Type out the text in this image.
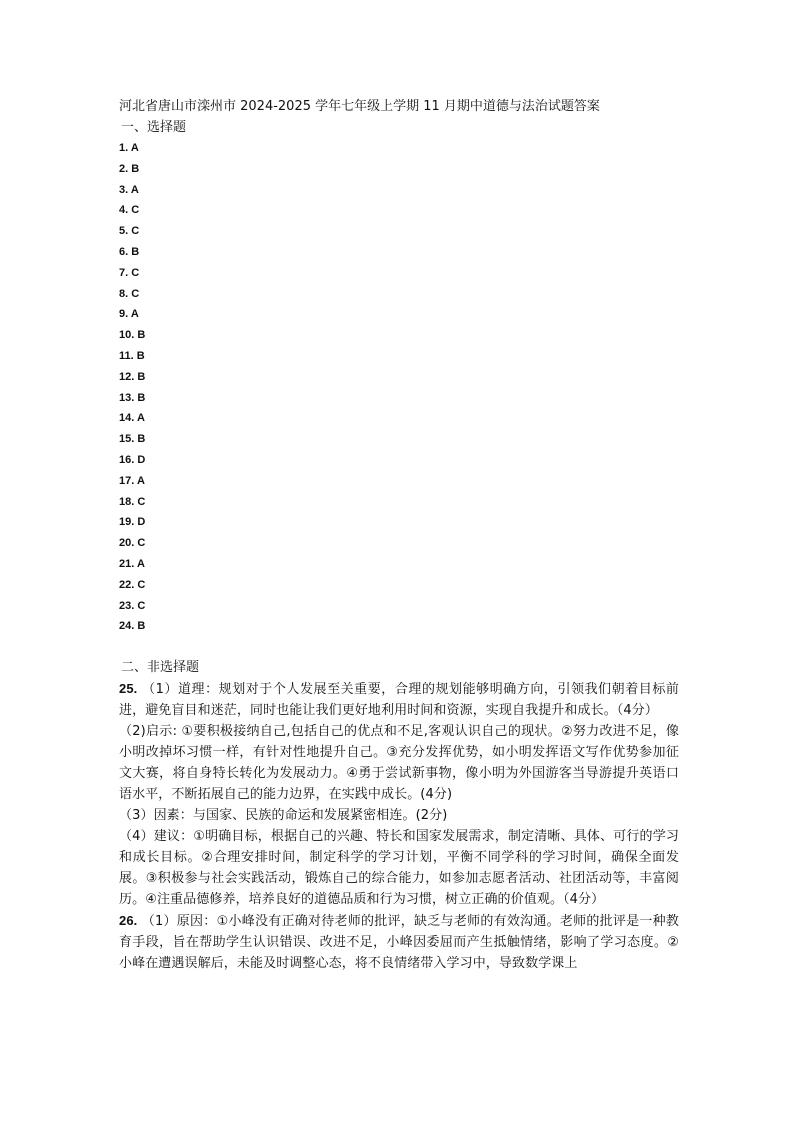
河北省唐山市滦州市 2024-2025 学年七年级上学期 11 月期中道德与法治试题答案

一、选择题

1. A
2. B
3. A
4. C
5. C
6. B
7. C
8. C
9. A
10. B
11. B
12. B
13. B
14. A
15. B
16. D
17. A
18. C
19. D
20. C
21. A
22. C
23. C
24. B

二、非选择题

25. （1）道理：规划对于个人发展至关重要，合理的规划能够明确方向，引领我们朝着目标前进，避免盲目和迷茫，同时也能让我们更好地利用时间和资源，实现自我提升和成长。（4分）

（2)启示: ①要积极接纳自己,包括自己的优点和不足,客观认识自己的现状。②努力改进不足，像小明改掉坏习惯一样，有针对性地提升自己。③充分发挥优势，如小明发挥语文写作优势参加征文大赛，将自身特长转化为发展动力。④勇于尝试新事物，像小明为外国游客当导游提升英语口语水平，不断拓展自己的能力边界，在实践中成长。(4分)

（3）因素：与国家、民族的命运和发展紧密相连。(2分)

（4）建议：①明确目标，根据自己的兴趣、特长和国家发展需求，制定清晰、具体、可行的学习和成长目标。②合理安排时间，制定科学的学习计划，平衡不同学科的学习时间，确保全面发展。③积极参与社会实践活动，锻炼自己的综合能力，如参加志愿者活动、社团活动等，丰富阅历。④注重品德修养，培养良好的道德品质和行为习惯，树立正确的价值观。（4分）

26. （1）原因：①小峰没有正确对待老师的批评，缺乏与老师的有效沟通。老师的批评是一种教育手段，旨在帮助学生认识错误、改进不足，小峰因委屈而产生抵触情绪，影响了学习态度。②小峰在遭遇误解后，未能及时调整心态，将不良情绪带入学习中，导致数学课上
